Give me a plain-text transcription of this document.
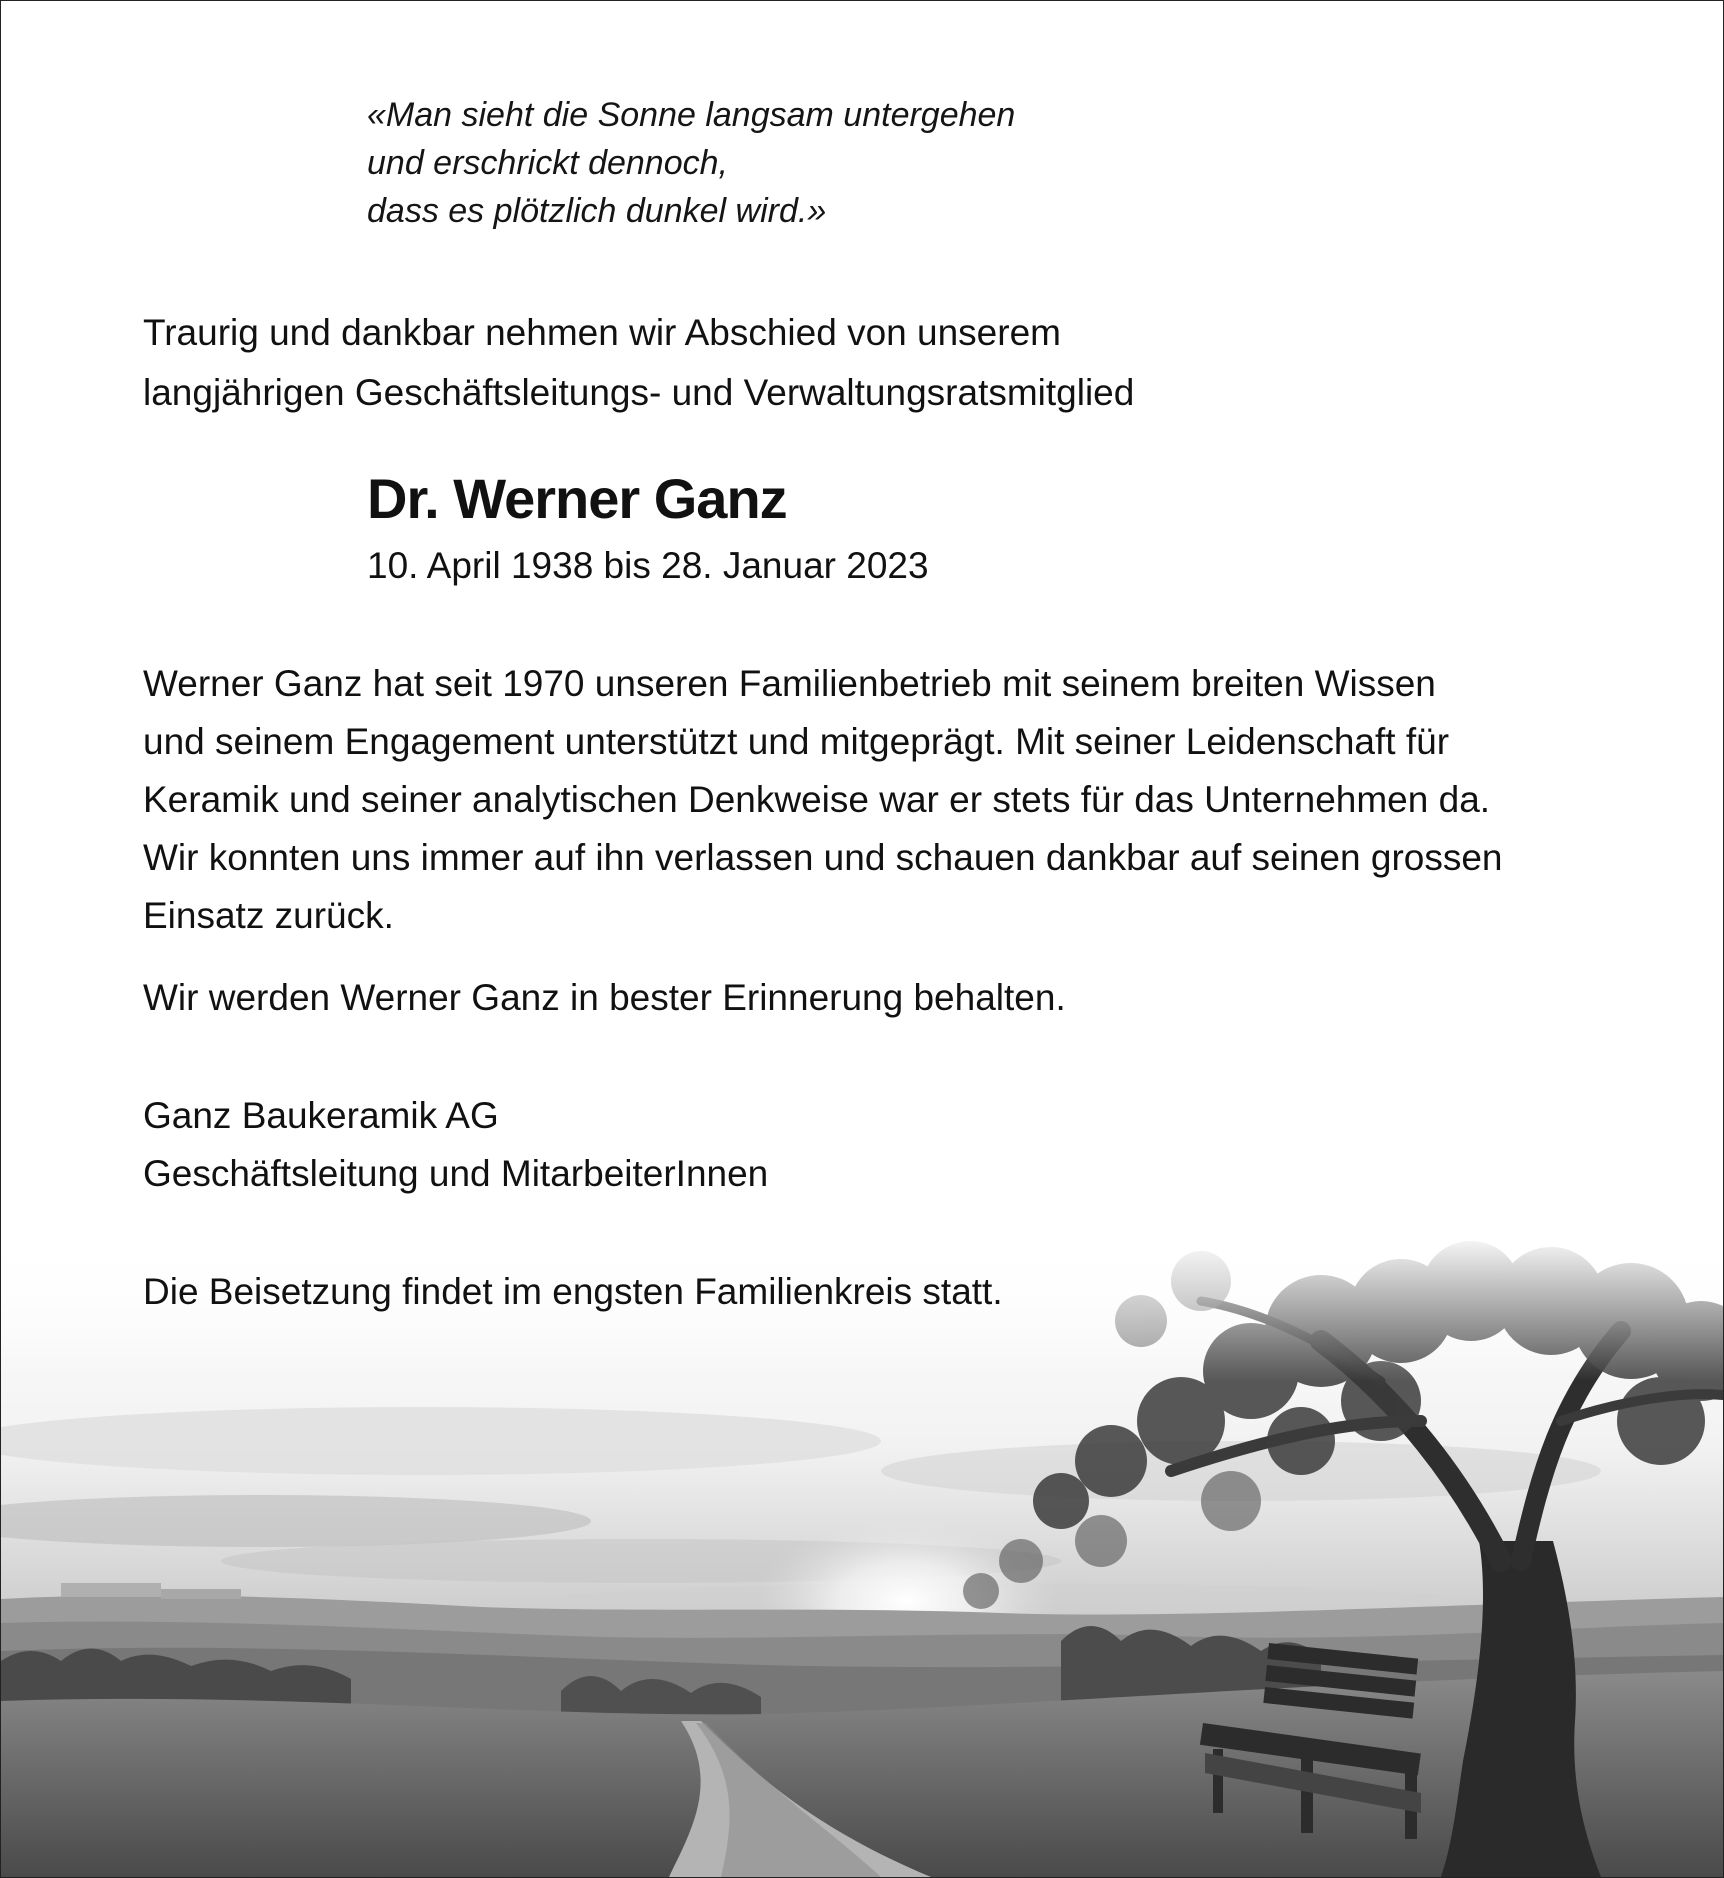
«Man sieht die Sonne langsam untergehen
und erschrickt dennoch,
dass es plötzlich dunkel wird.»
Traurig und dankbar nehmen wir Abschied von unserem
langjährigen Geschäftsleitungs- und Verwaltungsratsmitglied
Dr. Werner Ganz
10. April 1938 bis 28. Januar 2023
Werner Ganz hat seit 1970 unseren Familienbetrieb mit seinem breiten Wissen
und seinem Engagement unterstützt und mitgeprägt. Mit seiner Leidenschaft für
Keramik und seiner analytischen Denkweise war er stets für das Unternehmen da.
Wir konnten uns immer auf ihn verlassen und schauen dankbar auf seinen grossen
Einsatz zurück.
Wir werden Werner Ganz in bester Erinnerung behalten.
Ganz Baukeramik AG
Geschäftsleitung und MitarbeiterInnen
Die Beisetzung findet im engsten Familienkreis statt.
